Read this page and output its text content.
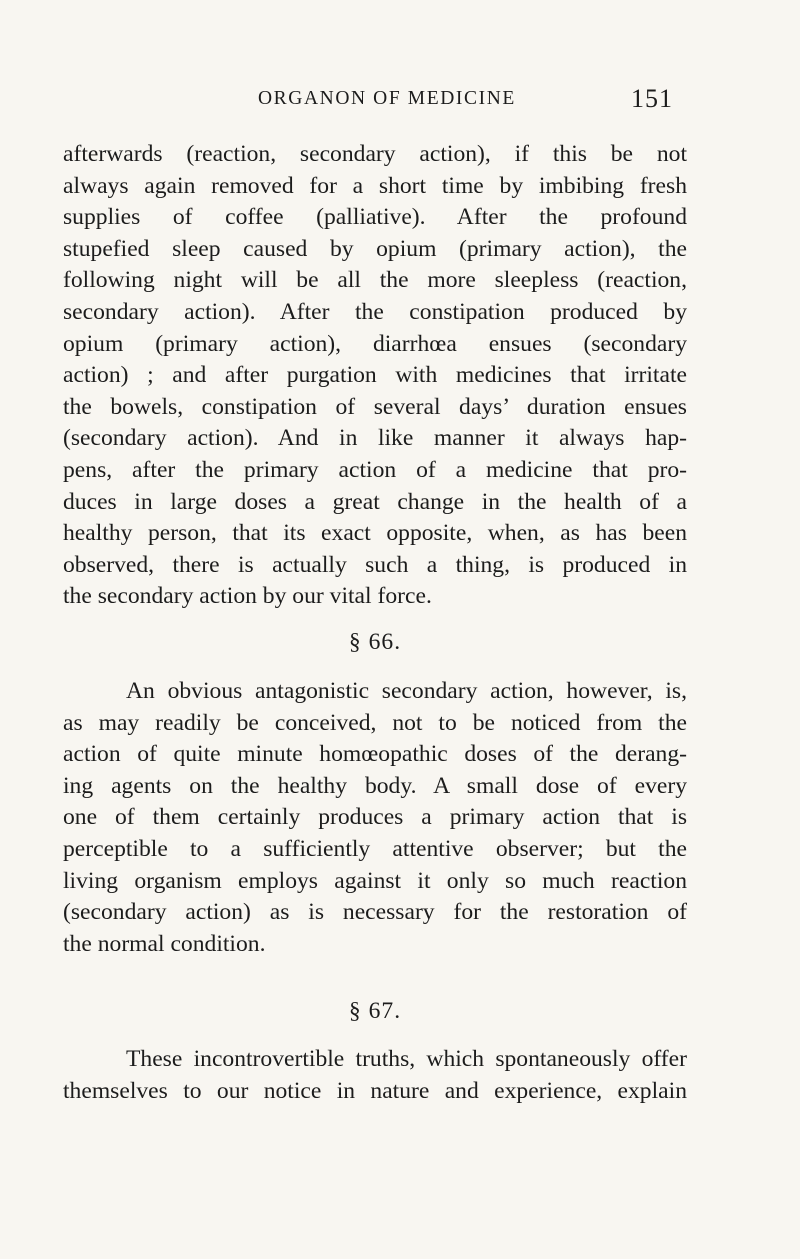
ORGANON OF MEDICINE	151
afterwards (reaction, secondary action), if this be not
always again removed for a short time by imbibing fresh
supplies of coffee (palliative). After the profound
stupefied sleep caused by opium (primary action), the
following night will be all the more sleepless (reaction,
secondary action). After the constipation produced by
opium (primary action), diarrhœa ensues (secondary
action) ; and after purgation with medicines that irritate
the bowels, constipation of several days’ duration ensues
(secondary action). And in like manner it always hap-
pens, after the primary action of a medicine that pro-
duces in large doses a great change in the health of a
healthy person, that its exact opposite, when, as has been
observed, there is actually such a thing, is produced in
the secondary action by our vital force.
§ 66.
An obvious antagonistic secondary action, however, is,
as may readily be conceived, not to be noticed from the
action of quite minute homœopathic doses of the derang-
ing agents on the healthy body. A small dose of every
one of them certainly produces a primary action that is
perceptible to a sufficiently attentive observer; but the
living organism employs against it only so much reaction
(secondary action) as is necessary for the restoration of
the normal condition.
§ 67.
These incontrovertible truths, which spontaneously offer
themselves to our notice in nature and experience, explain
